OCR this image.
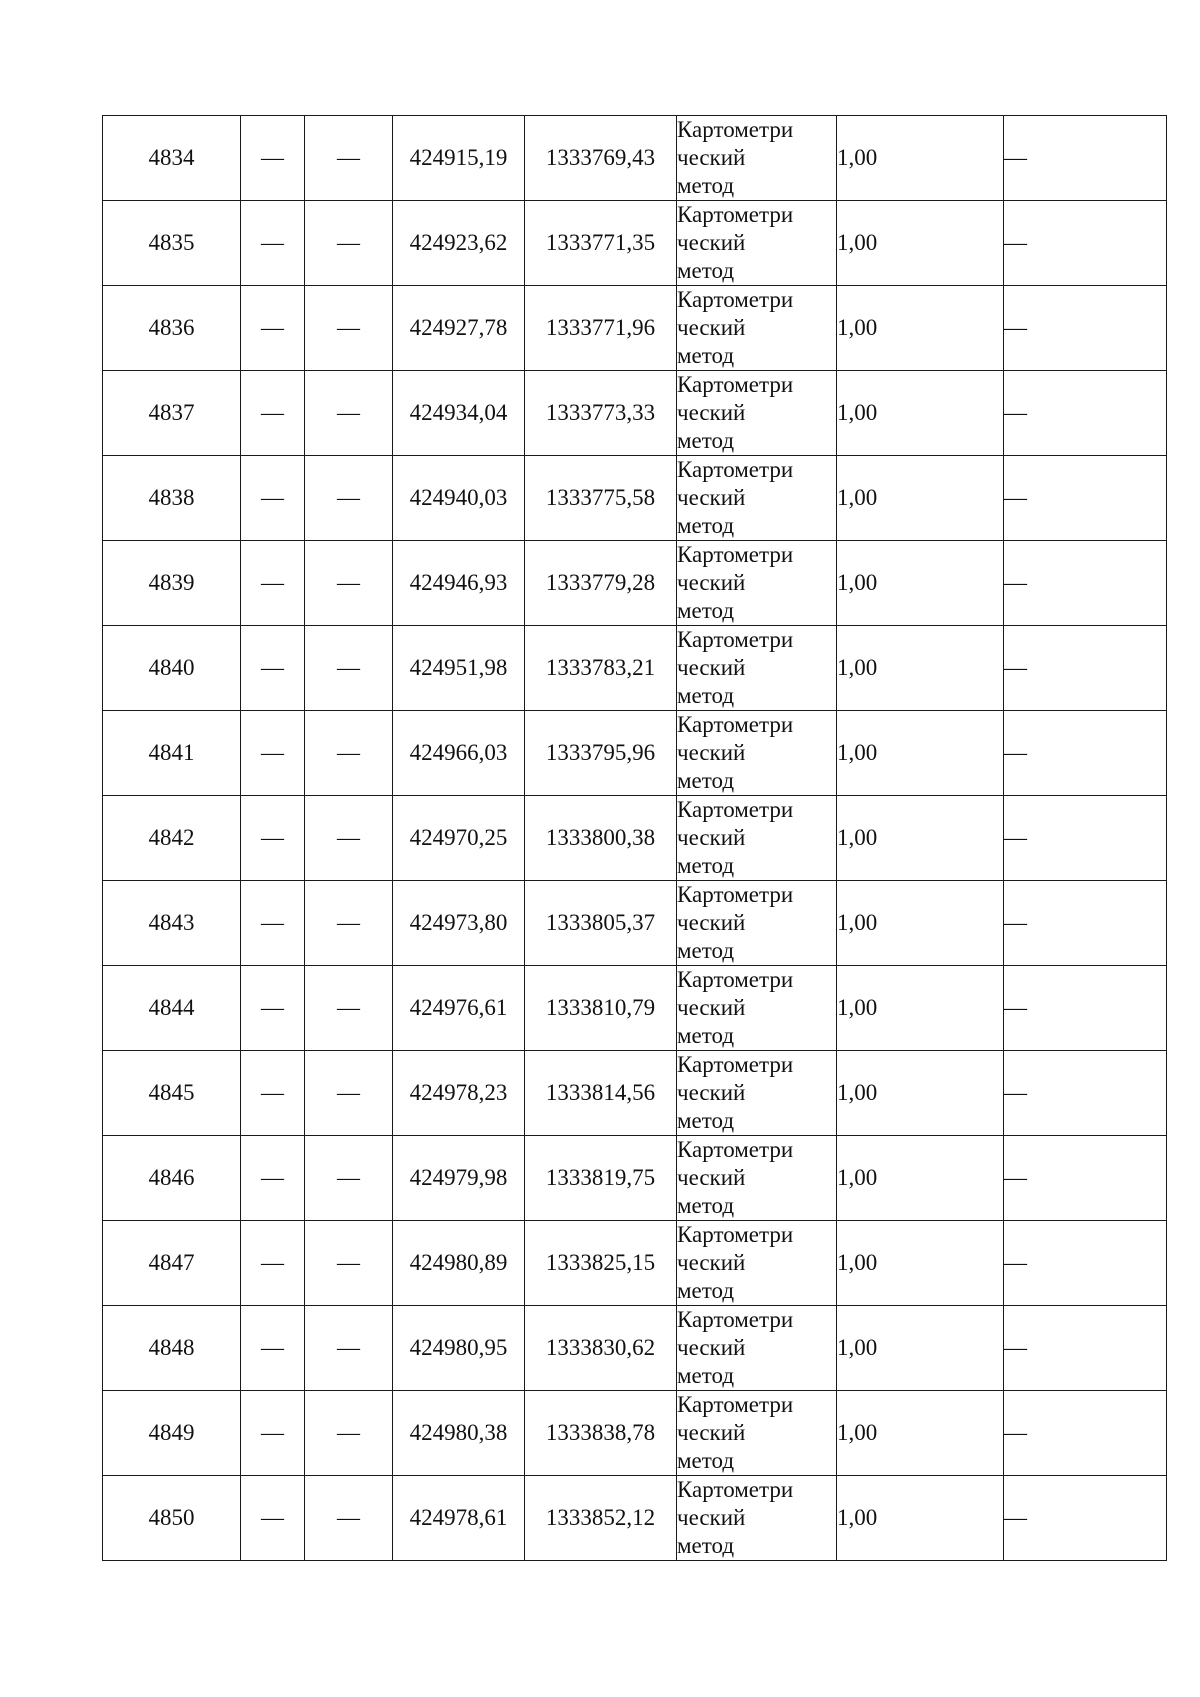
4834	—	—	424915,19	1333769,43	Картометри
ческий
метод	1,00	—
4835	—	—	424923,62	1333771,35	Картометри
ческий
метод	1,00	—
4836	—	—	424927,78	1333771,96	Картометри
ческий
метод	1,00	—
4837	—	—	424934,04	1333773,33	Картометри
ческий
метод	1,00	—
4838	—	—	424940,03	1333775,58	Картометри
ческий
метод	1,00	—
4839	—	—	424946,93	1333779,28	Картометри
ческий
метод	1,00	—
4840	—	—	424951,98	1333783,21	Картометри
ческий
метод	1,00	—
4841	—	—	424966,03	1333795,96	Картометри
ческий
метод	1,00	—
4842	—	—	424970,25	1333800,38	Картометри
ческий
метод	1,00	—
4843	—	—	424973,80	1333805,37	Картометри
ческий
метод	1,00	—
4844	—	—	424976,61	1333810,79	Картометри
ческий
метод	1,00	—
4845	—	—	424978,23	1333814,56	Картометри
ческий
метод	1,00	—
4846	—	—	424979,98	1333819,75	Картометри
ческий
метод	1,00	—
4847	—	—	424980,89	1333825,15	Картометри
ческий
метод	1,00	—
4848	—	—	424980,95	1333830,62	Картометри
ческий
метод	1,00	—
4849	—	—	424980,38	1333838,78	Картометри
ческий
метод	1,00	—
4850	—	—	424978,61	1333852,12	Картометри
ческий
метод	1,00	—
